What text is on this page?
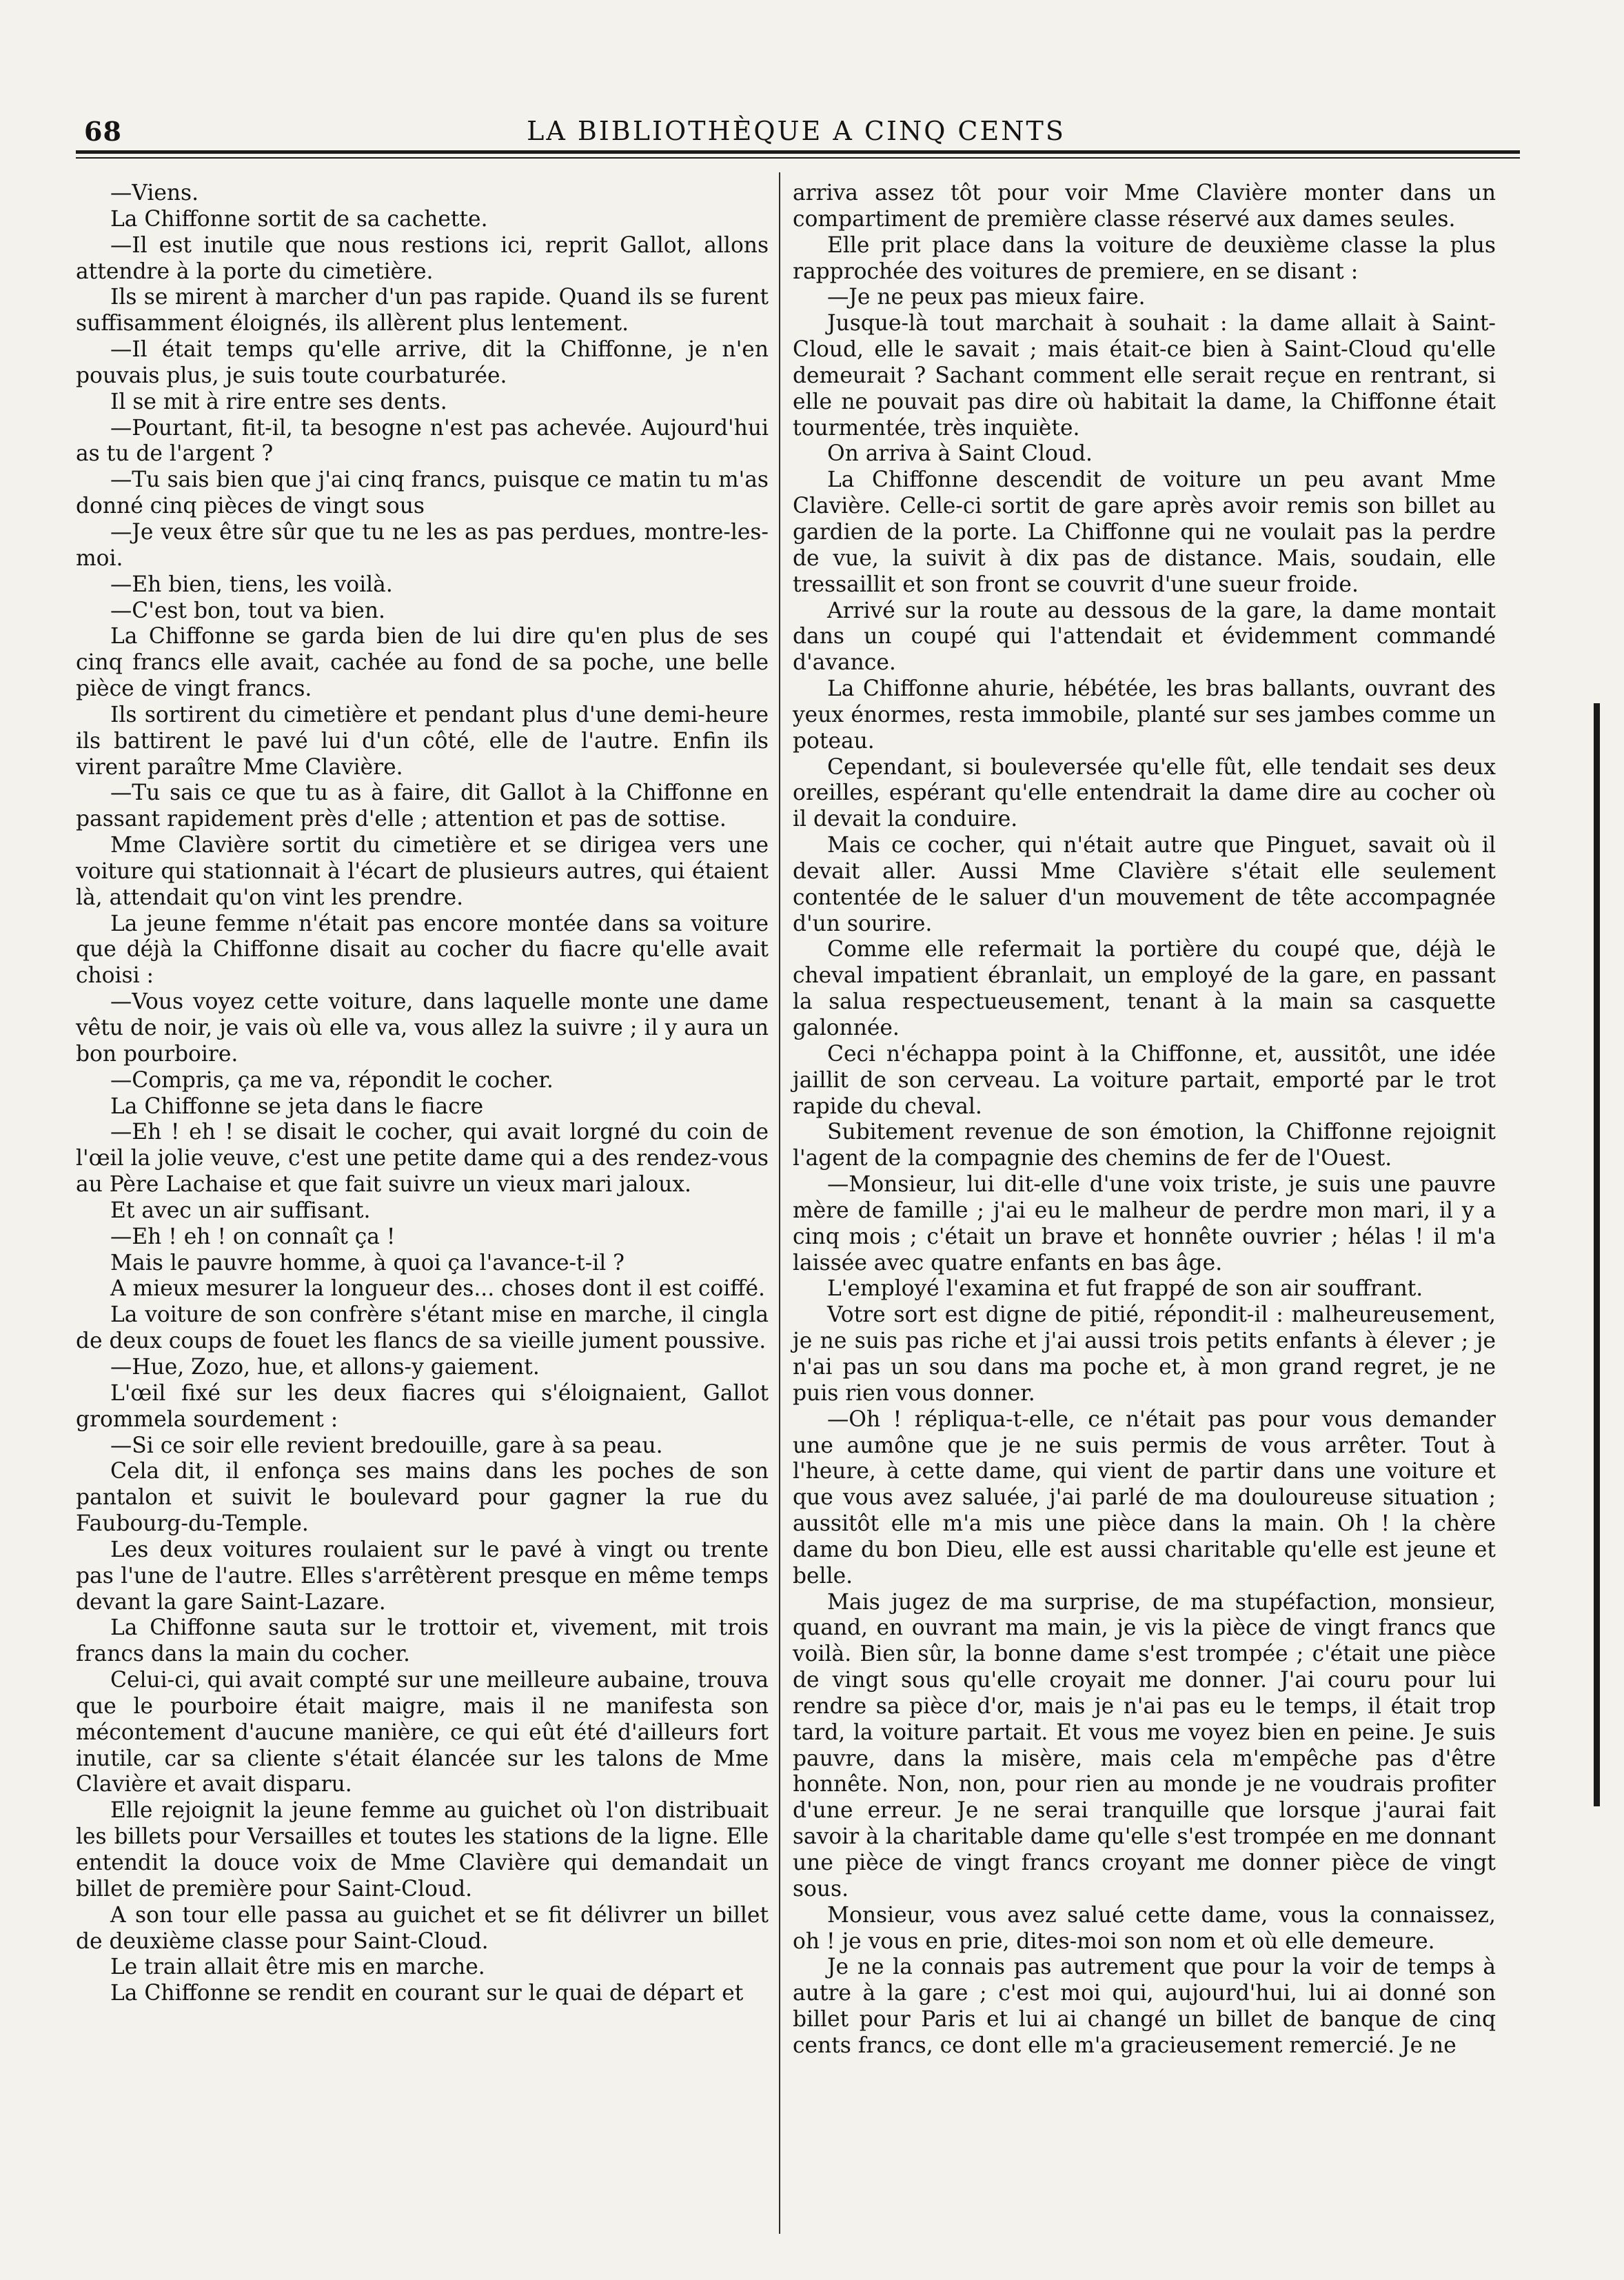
68	LA BIBLIOTHÈQUE A CINQ CENTS

—Viens.

La Chiffonne sortit de sa cachette.

—Il est inutile que nous restions ici, reprit Gallot, allons attendre à la porte du cimetière.

Ils se mirent à marcher d'un pas rapide. Quand ils se furent suffisamment éloignés, ils allèrent plus lentement.

—Il était temps qu'elle arrive, dit la Chiffonne, je n'en pouvais plus, je suis toute courbaturée.

Il se mit à rire entre ses dents.

—Pourtant, fit-il, ta besogne n'est pas achevée. Aujourd'hui as tu de l'argent ?

—Tu sais bien que j'ai cinq francs, puisque ce matin tu m'as donné cinq pièces de vingt sous

—Je veux être sûr que tu ne les as pas perdues, montre-les-moi.

—Eh bien, tiens, les voilà.

—C'est bon, tout va bien.

La Chiffonne se garda bien de lui dire qu'en plus de ses cinq francs elle avait, cachée au fond de sa poche, une belle pièce de vingt francs.

Ils sortirent du cimetière et pendant plus d'une demi-heure ils battirent le pavé lui d'un côté, elle de l'autre. Enfin ils virent paraître Mme Clavière.

—Tu sais ce que tu as à faire, dit Gallot à la Chiffonne en passant rapidement près d'elle ; attention et pas de sottise.

Mme Clavière sortit du cimetière et se dirigea vers une voiture qui stationnait à l'écart de plusieurs autres, qui étaient là, attendait qu'on vint les prendre.

La jeune femme n'était pas encore montée dans sa voiture que déjà la Chiffonne disait au cocher du fiacre qu'elle avait choisi :

—Vous voyez cette voiture, dans laquelle monte une dame vêtu de noir, je vais où elle va, vous allez la suivre ; il y aura un bon pourboire.

—Compris, ça me va, répondit le cocher.

La Chiffonne se jeta dans le fiacre

—Eh ! eh ! se disait le cocher, qui avait lorgné du coin de l'œil la jolie veuve, c'est une petite dame qui a des rendez-vous au Père Lachaise et que fait suivre un vieux mari jaloux.

Et avec un air suffisant.

—Eh ! eh ! on connaît ça !

Mais le pauvre homme, à quoi ça l'avance-t-il ?

A mieux mesurer la longueur des... choses dont il est coiffé.

La voiture de son confrère s'étant mise en marche, il cingla de deux coups de fouet les flancs de sa vieille jument poussive.

—Hue, Zozo, hue, et allons-y gaiement.

L'œil fixé sur les deux fiacres qui s'éloignaient, Gallot grommela sourdement :

—Si ce soir elle revient bredouille, gare à sa peau.

Cela dit, il enfonça ses mains dans les poches de son pantalon et suivit le boulevard pour gagner la rue du Faubourg-du-Temple.

Les deux voitures roulaient sur le pavé à vingt ou trente pas l'une de l'autre. Elles s'arrêtèrent presque en même temps devant la gare Saint-Lazare.

La Chiffonne sauta sur le trottoir et, vivement, mit trois francs dans la main du cocher.

Celui-ci, qui avait compté sur une meilleure aubaine, trouva que le pourboire était maigre, mais il ne manifesta son mécontement d'aucune manière, ce qui eût été d'ailleurs fort inutile, car sa cliente s'était élancée sur les talons de Mme Clavière et avait disparu.

Elle rejoignit la jeune femme au guichet où l'on distribuait les billets pour Versailles et toutes les stations de la ligne. Elle entendit la douce voix de Mme Clavière qui demandait un billet de première pour Saint-Cloud.

A son tour elle passa au guichet et se fit délivrer un billet de deuxième classe pour Saint-Cloud.

Le train allait être mis en marche.

La Chiffonne se rendit en courant sur le quai de départ et

arriva assez tôt pour voir Mme Clavière monter dans un compartiment de première classe réservé aux dames seules.

Elle prit place dans la voiture de deuxième classe la plus rapprochée des voitures de premiere, en se disant :

—Je ne peux pas mieux faire.

Jusque-là tout marchait à souhait : la dame allait à Saint-Cloud, elle le savait ; mais était-ce bien à Saint-Cloud qu'elle demeurait ? Sachant comment elle serait reçue en rentrant, si elle ne pouvait pas dire où habitait la dame, la Chiffonne était tourmentée, très inquiète.

On arriva à Saint Cloud.

La Chiffonne descendit de voiture un peu avant Mme Clavière. Celle-ci sortit de gare après avoir remis son billet au gardien de la porte. La Chiffonne qui ne voulait pas la perdre de vue, la suivit à dix pas de distance. Mais, soudain, elle tressaillit et son front se couvrit d'une sueur froide.

Arrivé sur la route au dessous de la gare, la dame montait dans un coupé qui l'attendait et évidemment commandé d'avance.

La Chiffonne ahurie, hébétée, les bras ballants, ouvrant des yeux énormes, resta immobile, planté sur ses jambes comme un poteau.

Cependant, si bouleversée qu'elle fût, elle tendait ses deux oreilles, espérant qu'elle entendrait la dame dire au cocher où il devait la conduire.

Mais ce cocher, qui n'était autre que Pinguet, savait où il devait aller. Aussi Mme Clavière s'était elle seulement contentée de le saluer d'un mouvement de tête accompagnée d'un sourire.

Comme elle refermait la portière du coupé que, déjà le cheval impatient ébranlait, un employé de la gare, en passant la salua respectueusement, tenant à la main sa casquette galonnée.

Ceci n'échappa point à la Chiffonne, et, aussitôt, une idée jaillit de son cerveau. La voiture partait, emporté par le trot rapide du cheval.

Subitement revenue de son émotion, la Chiffonne rejoignit l'agent de la compagnie des chemins de fer de l'Ouest.

—Monsieur, lui dit-elle d'une voix triste, je suis une pauvre mère de famille ; j'ai eu le malheur de perdre mon mari, il y a cinq mois ; c'était un brave et honnête ouvrier ; hélas ! il m'a laissée avec quatre enfants en bas âge.

L'employé l'examina et fut frappé de son air souffrant.

Votre sort est digne de pitié, répondit-il : malheureusement, je ne suis pas riche et j'ai aussi trois petits enfants à élever ; je n'ai pas un sou dans ma poche et, à mon grand regret, je ne puis rien vous donner.

—Oh ! répliqua-t-elle, ce n'était pas pour vous demander une aumône que je ne suis permis de vous arrêter. Tout à l'heure, à cette dame, qui vient de partir dans une voiture et que vous avez saluée, j'ai parlé de ma douloureuse situation ; aussitôt elle m'a mis une pièce dans la main. Oh ! la chère dame du bon Dieu, elle est aussi charitable qu'elle est jeune et belle.

Mais jugez de ma surprise, de ma stupéfaction, monsieur, quand, en ouvrant ma main, je vis la pièce de vingt francs que voilà. Bien sûr, la bonne dame s'est trompée ; c'était une pièce de vingt sous qu'elle croyait me donner. J'ai couru pour lui rendre sa pièce d'or, mais je n'ai pas eu le temps, il était trop tard, la voiture partait. Et vous me voyez bien en peine. Je suis pauvre, dans la misère, mais cela m'empêche pas d'être honnête. Non, non, pour rien au monde je ne voudrais profiter d'une erreur. Je ne serai tranquille que lorsque j'aurai fait savoir à la charitable dame qu'elle s'est trompée en me donnant une pièce de vingt francs croyant me donner pièce de vingt sous.

Monsieur, vous avez salué cette dame, vous la connaissez, oh ! je vous en prie, dites-moi son nom et où elle demeure.

Je ne la connais pas autrement que pour la voir de temps à autre à la gare ; c'est moi qui, aujourd'hui, lui ai donné son billet pour Paris et lui ai changé un billet de banque de cinq cents francs, ce dont elle m'a gracieusement remercié. Je ne
